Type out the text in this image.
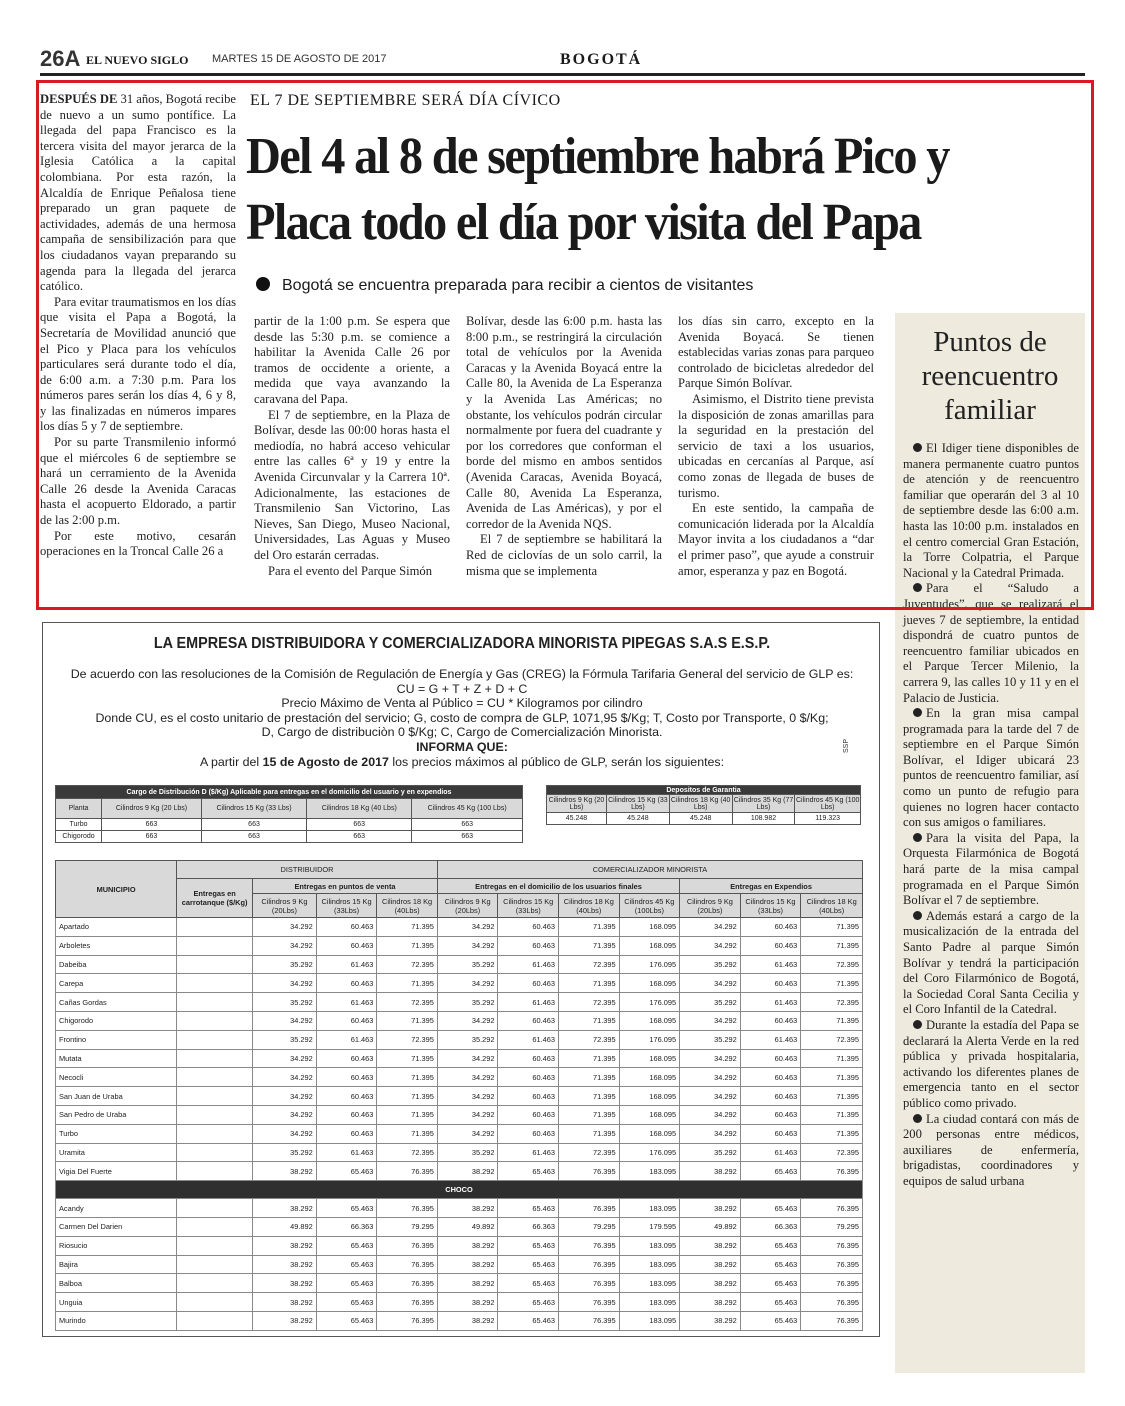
26A EL NUEVO SIGLO MARTES 15 DE AGOSTO DE 2017	BOGOTÁ

DESPUÉS DE 31 años, Bogotá recibe de nuevo a un sumo pontífice. La llegada del papa Francisco es la tercera visita del mayor jerarca de la Iglesia Católica a la capital colombiana. Por esta razón, la Alcaldía de Enrique Peñalosa tiene preparado un gran paquete de actividades, además de una hermosa campaña de sensibilización para que los ciudadanos vayan preparando su agenda para la llegada del jerarca católico.

Para evitar traumatismos en los días que visita el Papa a Bogotá, la Secretaría de Movilidad anunció que el Pico y Placa para los vehículos particulares será durante todo el día, de 6:00 a.m. a 7:30 p.m. Para los números pares serán los días 4, 6 y 8, y las finalizadas en números impares los días 5 y 7 de septiembre.

Por su parte Transmilenio informó que el miércoles 6 de septiembre se hará un cerramiento de la Avenida Calle 26 desde la Avenida Caracas hasta el acopuerto Eldorado, a partir de las 2:00 p.m.

Por este motivo, cesarán operaciones en la Troncal Calle 26 a

EL 7 DE SEPTIEMBRE SERÁ DÍA CÍVICO
Del 4 al 8 de septiembre habrá Pico y Placa todo el día por visita del Papa
Bogotá se encuentra preparada para recibir a cientos de visitantes

partir de la 1:00 p.m. Se espera que desde las 5:30 p.m. se comience a habilitar la Avenida Calle 26 por tramos de occidente a oriente, a medida que vaya avanzando la caravana del Papa.

El 7 de septiembre, en la Plaza de Bolívar, desde las 00:00 horas hasta el mediodía, no habrá acceso vehicular entre las calles 6ª y 19 y entre la Avenida Circunvalar y la Carrera 10ª. Adicionalmente, las estaciones de Transmilenio San Victorino, Las Nieves, San Diego, Museo Nacional, Universidades, Las Aguas y Museo del Oro estarán cerradas.

Para el evento del Parque Simón

Bolívar, desde las 6:00 p.m. hasta las 8:00 p.m., se restringirá la circulación total de vehículos por la Avenida Caracas y la Avenida Boyacá entre la Calle 80, la Avenida de La Esperanza y la Avenida Las Américas; no obstante, los vehículos podrán circular normalmente por fuera del cuadrante y por los corredores que conforman el borde del mismo en ambos sentidos (Avenida Caracas, Avenida Boyacá, Calle 80, Avenida La Esperanza, Avenida de Las Américas), y por el corredor de la Avenida NQS.

El 7 de septiembre se habilitará la Red de ciclovías de un solo carril, la misma que se implementa

los días sin carro, excepto en la Avenida Boyacá. Se tienen establecidas varias zonas para parqueo controlado de bicicletas alrededor del Parque Simón Bolívar.

Asimismo, el Distrito tiene prevista la disposición de zonas amarillas para la seguridad en la prestación del servicio de taxi a los usuarios, ubicadas en cercanías al Parque, así como zonas de llegada de buses de turismo.

En este sentido, la campaña de comunicación liderada por la Alcaldía Mayor invita a los ciudadanos a “dar el primer paso”, que ayude a construir amor, esperanza y paz en Bogotá.

Puntos de reencuentro familiar

El Idiger tiene disponibles de manera permanente cuatro puntos de atención y de reencuentro familiar que operarán del 3 al 10 de septiembre desde las 6:00 a.m. hasta las 10:00 p.m. instalados en el centro comercial Gran Estación, la Torre Colpatria, el Parque Nacional y la Catedral Primada.

Para el “Saludo a Juventudes”, que se realizará el jueves 7 de septiembre, la entidad dispondrá de cuatro puntos de reencuentro familiar ubicados en el Parque Tercer Milenio, la carrera 9, las calles 10 y 11 y en el Palacio de Justicia.

En la gran misa campal programada para la tarde del 7 de septiembre en el Parque Simón Bolívar, el Idiger ubicará 23 puntos de reencuentro familiar, así como un punto de refugio para quienes no logren hacer contacto con sus amigos o familiares.

Para la visita del Papa, la Orquesta Filarmónica de Bogotá hará parte de la misa campal programada en el Parque Simón Bolívar el 7 de septiembre.

Además estará a cargo de la musicalización de la entrada del Santo Padre al parque Simón Bolívar y tendrá la participación del Coro Filarmónico de Bogotá, la Sociedad Coral Santa Cecilia y el Coro Infantil de la Catedral.

Durante la estadía del Papa se declarará la Alerta Verde en la red pública y privada hospitalaria, activando los diferentes planes de emergencia tanto en el sector público como privado.

La ciudad contará con más de 200 personas entre médicos, auxiliares de enfermería, brigadistas, coordinadores y equipos de salud urbana

LA EMPRESA DISTRIBUIDORA Y COMERCIALIZADORA MINORISTA PIPEGAS S.A.S E.S.P.
SSP
De acuerdo con las resoluciones de la Comisión de Regulación de Energía y Gas (CREG) la Fórmula Tarifaria General del servicio de GLP es:
CU = G + T + Z + D + C
Precio Máximo de Venta al Público = CU * Kilogramos por cilindro
Donde CU, es el costo unitario de prestación del servicio; G, costo de compra de GLP, 1071,95 $/Kg; T, Costo por Transporte, 0 $/Kg;
D, Cargo de distribuciòn 0 $/Kg; C, Cargo de Comercialización Minorista.
INFORMA QUE:
A partir del 15 de Agosto de 2017 los precios máximos al público de GLP, serán los siguientes:
Cargo de Distribución D ($/Kg) Aplicable para entregas en el domicilio del usuario y en expendios				
Planta	Cilindros 9 Kg (20 Lbs)	Cilindros 15 Kg (33 Lbs)	Cilindros 18 Kg (40 Lbs)	Cilindros 45 Kg (100 Lbs)
Turbo	663	663	663	663
Chigorodo	663	663	663	663
Depositos de Garantia				
Cilindros 9 Kg (20 Lbs)	Cilindros 15 Kg (33 Lbs)	Cilindros 18 Kg (40 Lbs)	Cilindros 35 Kg (77 Lbs)	Cilindros 45 Kg (100 Lbs)
45.248	45.248	45.248	108.982	119.323
MUNICIPIO	DISTRIBUIDOR				COMERCIALIZADOR MINORISTA						
	Entregas en carrotanque ($/Kg)	Entregas en puntos de venta			Entregas en el domicilio de los usuarios finales				Entregas en Expendios		
		Cilindros 9 Kg (20Lbs)	Cilindros 15 Kg (33Lbs)	Cilindros 18 Kg (40Lbs)	Cilindros 9 Kg (20Lbs)	Cilindros 15 Kg (33Lbs)	Cilindros 18 Kg (40Lbs)	Cilindros 45 Kg (100Lbs)	Cilindros 9 Kg (20Lbs)	Cilindros 15 Kg (33Lbs)	Cilindros 18 Kg (40Lbs)
Apartado		34.292	60.463	71.395	34.292	60.463	71.395	168.095	34.292	60.463	71.395
Arboletes		34.292	60.463	71.395	34.292	60.463	71.395	168.095	34.292	60.463	71.395
Dabeiba		35.292	61.463	72.395	35.292	61.463	72.395	176.095	35.292	61.463	72.395
Carepa		34.292	60.463	71.395	34.292	60.463	71.395	168.095	34.292	60.463	71.395
Cañas Gordas		35.292	61.463	72.395	35.292	61.463	72.395	176.095	35.292	61.463	72.395
Chigorodo		34.292	60.463	71.395	34.292	60.463	71.395	168.095	34.292	60.463	71.395
Frontino		35.292	61.463	72.395	35.292	61.463	72.395	176.095	35.292	61.463	72.395
Mutata		34.292	60.463	71.395	34.292	60.463	71.395	168.095	34.292	60.463	71.395
Necocli		34.292	60.463	71.395	34.292	60.463	71.395	168.095	34.292	60.463	71.395
San Juan de Uraba		34.292	60.463	71.395	34.292	60.463	71.395	168.095	34.292	60.463	71.395
San Pedro de Uraba		34.292	60.463	71.395	34.292	60.463	71.395	168.095	34.292	60.463	71.395
Turbo		34.292	60.463	71.395	34.292	60.463	71.395	168.095	34.292	60.463	71.395
Uramita		35.292	61.463	72.395	35.292	61.463	72.395	176.095	35.292	61.463	72.395
Vigia Del Fuerte		38.292	65.463	76.395	38.292	65.463	76.395	183.095	38.292	65.463	76.395
CHOCO											
Acandy		38.292	65.463	76.395	38.292	65.463	76.395	183.095	38.292	65.463	76.395
Carmen Del Darien		49.892	66.363	79.295	49.892	66.363	79.295	179.595	49.892	66.363	79.295
Riosucio		38.292	65.463	76.395	38.292	65.463	76.395	183.095	38.292	65.463	76.395
Bajira		38.292	65.463	76.395	38.292	65.463	76.395	183.095	38.292	65.463	76.395
Balboa		38.292	65.463	76.395	38.292	65.463	76.395	183.095	38.292	65.463	76.395
Unguia		38.292	65.463	76.395	38.292	65.463	76.395	183.095	38.292	65.463	76.395
Murindo		38.292	65.463	76.395	38.292	65.463	76.395	183.095	38.292	65.463	76.395
